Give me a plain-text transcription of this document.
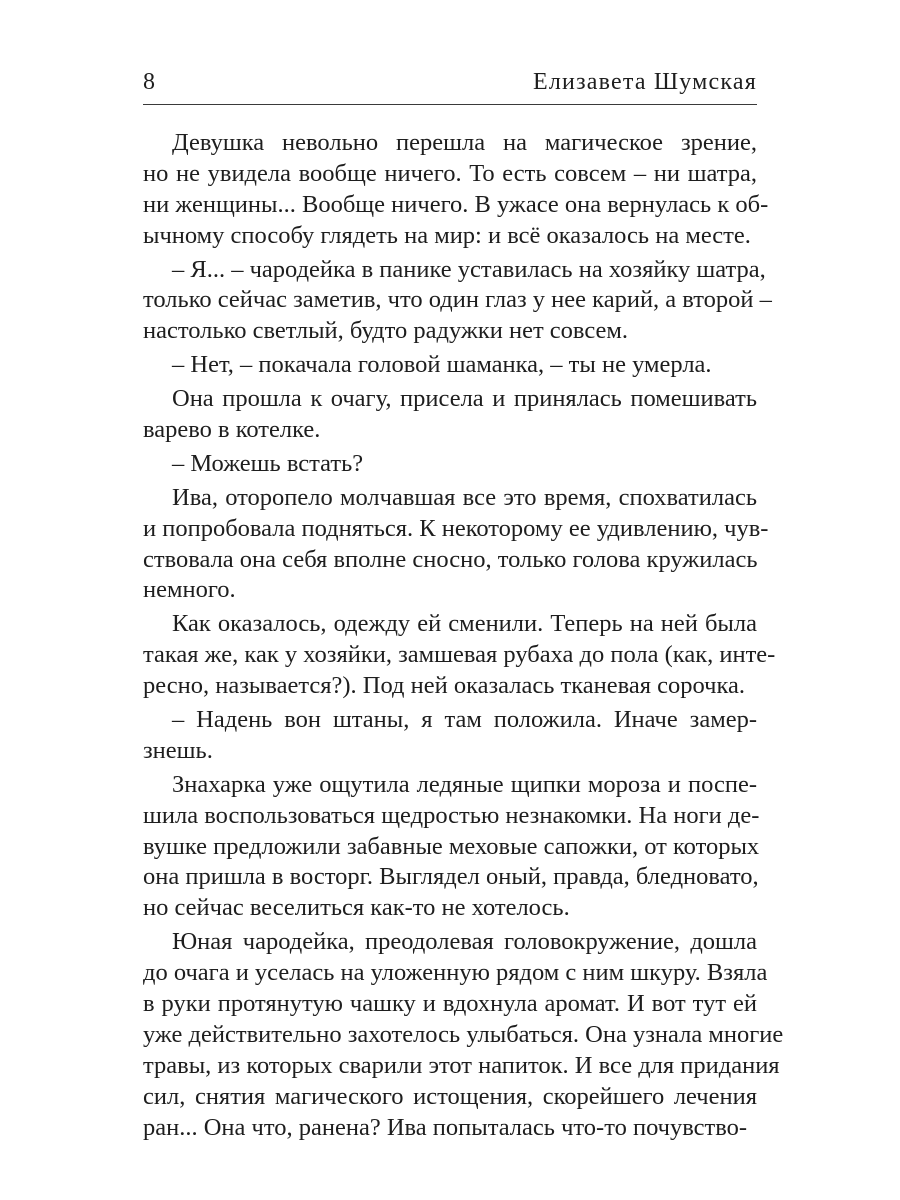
8	Елизавета Шумская
Девушка невольно перешла на магическое зрение,
но не увидела вообще ничего. То есть совсем – ни шатра,
ни женщины... Вообще ничего. В ужасе она вернулась к об-
ычному способу глядеть на мир: и всё оказалось на месте.
– Я... – чародейка в панике уставилась на хозяйку шатра,
только сейчас заметив, что один глаз у нее карий, а второй –
настолько светлый, будто радужки нет совсем.
– Нет, – покачала головой шаманка, – ты не умерла.
Она прошла к очагу, присела и принялась помешивать
варево в котелке.
– Можешь встать?
Ива, оторопело молчавшая все это время, спохватилась
и попробовала подняться. К некоторому ее удивлению, чув-
ствовала она себя вполне сносно, только голова кружилась
немного.
Как оказалось, одежду ей сменили. Теперь на ней была
такая же, как у хозяйки, замшевая рубаха до пола (как, инте-
ресно, называется?). Под ней оказалась тканевая сорочка.
– Надень вон штаны, я там положила. Иначе замер-
знешь.
Знахарка уже ощутила ледяные щипки мороза и поспе-
шила воспользоваться щедростью незнакомки. На ноги де-
вушке предложили забавные меховые сапожки, от которых
она пришла в восторг. Выглядел оный, правда, бледновато,
но сейчас веселиться как-то не хотелось.
Юная чародейка, преодолевая головокружение, дошла
до очага и уселась на уложенную рядом с ним шкуру. Взяла
в руки протянутую чашку и вдохнула аромат. И вот тут ей
уже действительно захотелось улыбаться. Она узнала многие
травы, из которых сварили этот напиток. И все для придания
сил, снятия магического истощения, скорейшего лечения
ран... Она что, ранена? Ива попыталась что-то почувство-
